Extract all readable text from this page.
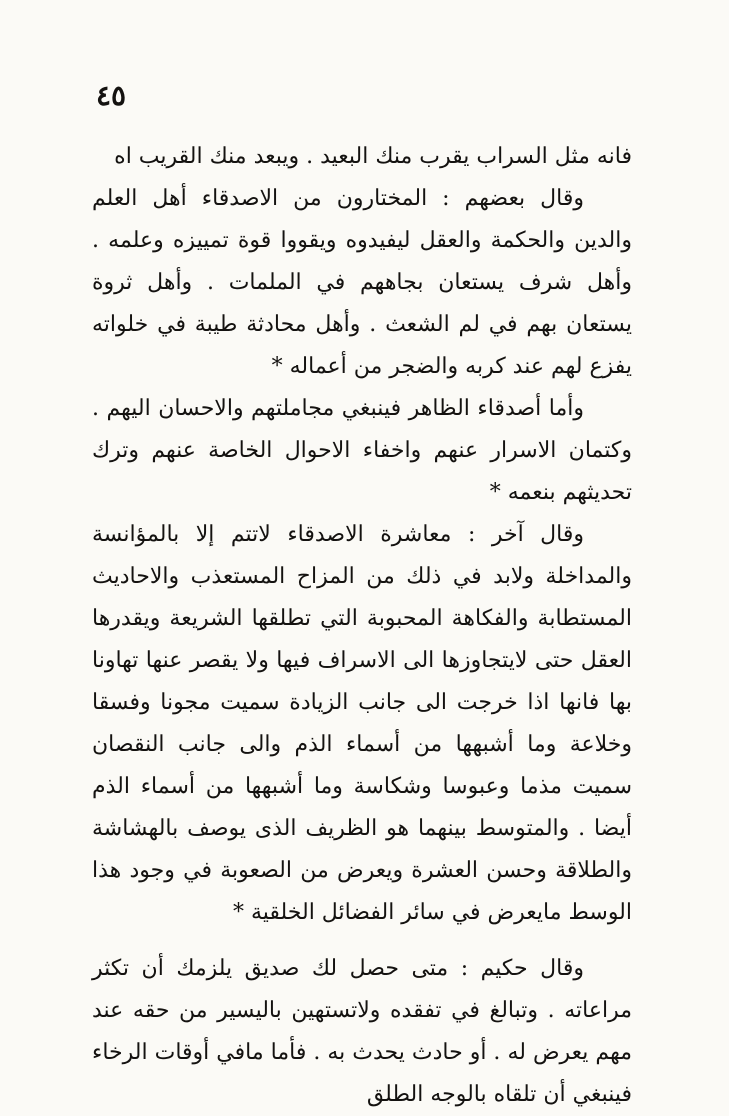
٤٥

فانه مثل السراب يقرب منك البعيد . ويبعد منك القريب اه

وقال بعضهم : المختارون من الاصدقاء أهل العلم والدين والحكمة والعقل ليفيدوه ويقووا قوة تمييزه وعلمه . وأهل شرف يستعان بجاههم في الملمات . وأهل ثروة يستعان بهم في لم الشعث . وأهل محادثة طيبة في خلواته يفزع لهم عند كربه والضجر من أعماله *

وأما أصدقاء الظاهر فينبغي مجاملتهم والاحسان اليهم . وكتمان الاسرار عنهم واخفاء الاحوال الخاصة عنهم وترك تحديثهم بنعمه *

وقال آخر : معاشرة الاصدقاء لاتتم إلا بالمؤانسة والمداخلة ولابد في ذلك من المزاح المستعذب والاحاديث المستطابة والفكاهة المحبوبة التي تطلقها الشريعة ويقدرها العقل حتى لايتجاوزها الى الاسراف فيها ولا يقصر عنها تهاونا بها فانها اذا خرجت الى جانب الزيادة سميت مجونا وفسقا وخلاعة وما أشبهها من أسماء الذم والى جانب النقصان سميت مذما وعبوسا وشكاسة وما أشبهها من أسماء الذم أيضا . والمتوسط بينهما هو الظريف الذى يوصف بالهشاشة والطلاقة وحسن العشرة ويعرض من الصعوبة في وجود هذا الوسط مايعرض في سائر الفضائل الخلقية *

وقال حكيم : متى حصل لك صديق يلزمك أن تكثر مراعاته . وتبالغ في تفقده ولاتستهين باليسير من حقه عند مهم يعرض له . أو حادث يحدث به . فأما مافي أوقات الرخاء فينبغي أن تلقاه بالوجه الطلق
